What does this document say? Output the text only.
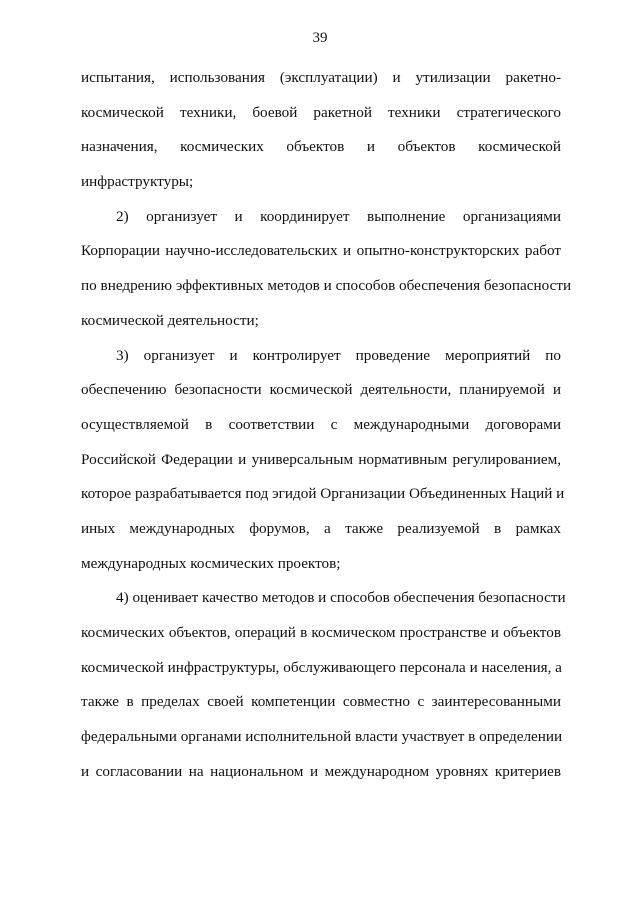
39
испытания, использования (эксплуатации) и утилизации ракетно-
космической техники, боевой ракетной техники стратегического
назначения, космических объектов и объектов космической
инфраструктуры;
2) организует и координирует выполнение организациями
Корпорации научно-исследовательских и опытно-конструкторских работ
по внедрению эффективных методов и способов обеспечения безопасности
космической деятельности;
3) организует и контролирует проведение мероприятий по
обеспечению безопасности космической деятельности, планируемой и
осуществляемой в соответствии с международными договорами
Российской Федерации и универсальным нормативным регулированием,
которое разрабатывается под эгидой Организации Объединенных Наций и
иных международных форумов, а также реализуемой в рамках
международных космических проектов;
4) оценивает качество методов и способов обеспечения безопасности
космических объектов, операций в космическом пространстве и объектов
космической инфраструктуры, обслуживающего персонала и населения, а
также в пределах своей компетенции совместно с заинтересованными
федеральными органами исполнительной власти участвует в определении
и согласовании на национальном и международном уровнях критериев
